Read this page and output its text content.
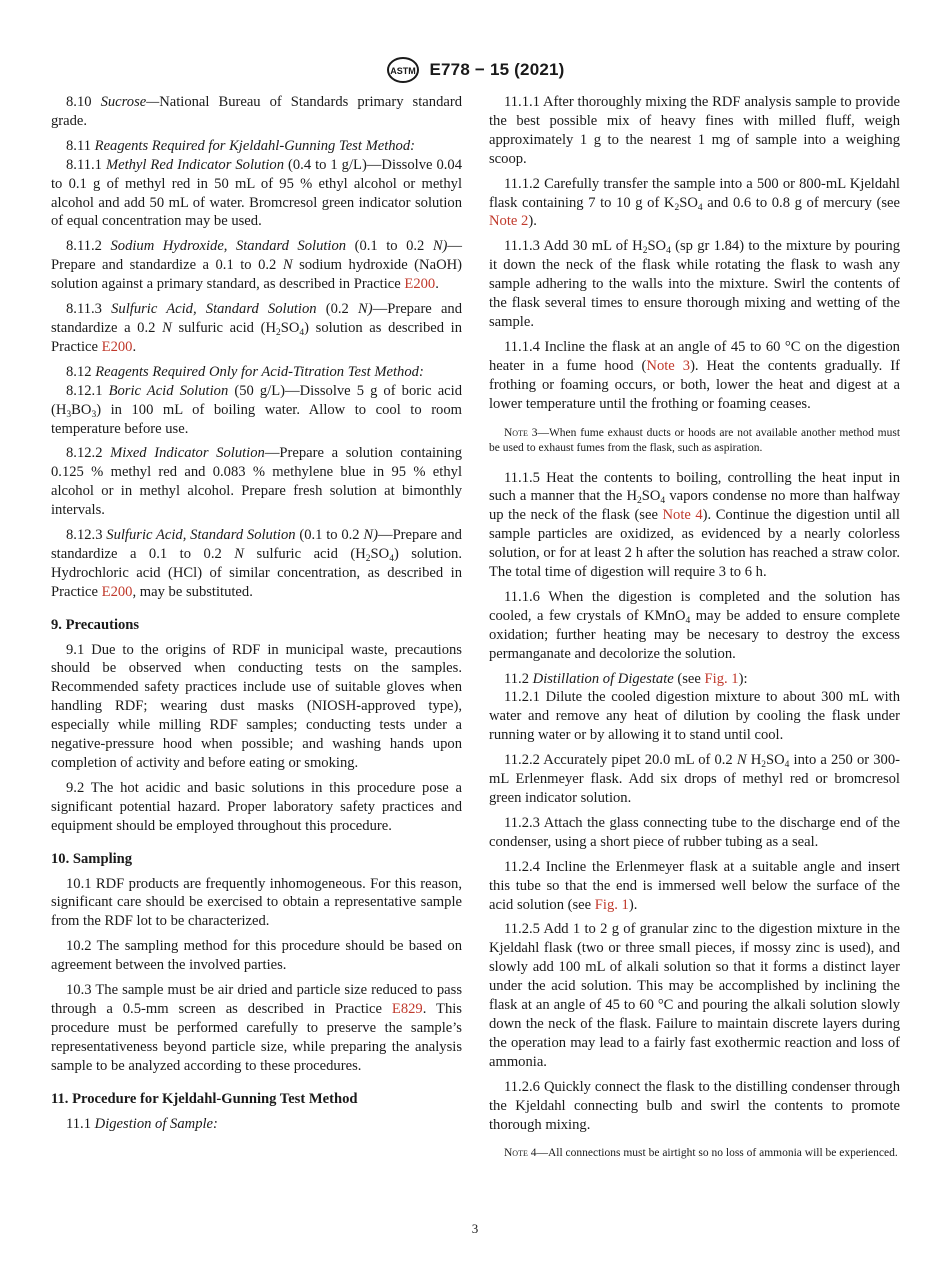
ASTM E778 − 15 (2021)

8.10 Sucrose—National Bureau of Standards primary standard grade.

8.11 Reagents Required for Kjeldahl-Gunning Test Method:

8.11.1 Methyl Red Indicator Solution (0.4 to 1 g/L)—Dissolve 0.04 to 0.1 g of methyl red in 50 mL of 95 % ethyl alcohol or methyl alcohol and add 50 mL of water. Bromcresol green indicator solution of equal concentration may be used.

8.11.2 Sodium Hydroxide, Standard Solution (0.1 to 0.2 N)—Prepare and standardize a 0.1 to 0.2 N sodium hydroxide (NaOH) solution against a primary standard, as described in Practice E200.

8.11.3 Sulfuric Acid, Standard Solution (0.2 N)—Prepare and standardize a 0.2 N sulfuric acid $(H_2SO_4)$ solution as described in Practice E200.

8.12 Reagents Required Only for Acid-Titration Test Method:

8.12.1 Boric Acid Solution (50 g/L)—Dissolve 5 g of boric acid $(H_3BO_3)$ in 100 mL of boiling water. Allow to cool to room temperature before use.

8.12.2 Mixed Indicator Solution—Prepare a solution containing 0.125 % methyl red and 0.083 % methylene blue in 95 % ethyl alcohol or in methyl alcohol. Prepare fresh solution at bimonthly intervals.

8.12.3 Sulfuric Acid, Standard Solution (0.1 to 0.2 N)—Prepare and standardize a 0.1 to 0.2 N sulfuric acid $(H_2SO_4)$ solution. Hydrochloric acid (HCl) of similar concentration, as described in Practice E200, may be substituted.

9. Precautions

9.1 Due to the origins of RDF in municipal waste, precautions should be observed when conducting tests on the samples. Recommended safety practices include use of suitable gloves when handling RDF; wearing dust masks (NIOSH-approved type), especially while milling RDF samples; conducting tests under a negative-pressure hood when possible; and washing hands upon completion of activity and before eating or smoking.

9.2 The hot acidic and basic solutions in this procedure pose a significant potential hazard. Proper laboratory safety practices and equipment should be employed throughout this procedure.

10. Sampling

10.1 RDF products are frequently inhomogeneous. For this reason, significant care should be exercised to obtain a representative sample from the RDF lot to be characterized.

10.2 The sampling method for this procedure should be based on agreement between the involved parties.

10.3 The sample must be air dried and particle size reduced to pass through a 0.5-mm screen as described in Practice E829. This procedure must be performed carefully to preserve the sample’s representativeness beyond particle size, while preparing the analysis sample to be analyzed according to these procedures.

11. Procedure for Kjeldahl-Gunning Test Method

11.1 Digestion of Sample:

11.1.1 After thoroughly mixing the RDF analysis sample to provide the best possible mix of heavy fines with milled fluff, weigh approximately 1 g to the nearest 1 mg of sample into a weighing scoop.

11.1.2 Carefully transfer the sample into a 500 or 800-mL Kjeldahl flask containing 7 to 10 g of $K_2SO_4$ and 0.6 to 0.8 g of mercury (see Note 2).

11.1.3 Add 30 mL of $H_2SO_4$ (sp gr 1.84) to the mixture by pouring it down the neck of the flask while rotating the flask to wash any sample adhering to the walls into the mixture. Swirl the contents of the flask several times to ensure thorough mixing and wetting of the sample.

11.1.4 Incline the flask at an angle of 45 to 60 °C on the digestion heater in a fume hood (Note 3). Heat the contents gradually. If frothing or foaming occurs, or both, lower the heat and digest at a lower temperature until the frothing or foaming ceases.

Note 3—When fume exhaust ducts or hoods are not available another method must be used to exhaust fumes from the flask, such as aspiration.

11.1.5 Heat the contents to boiling, controlling the heat input in such a manner that the $H_2SO_4$ vapors condense no more than halfway up the neck of the flask (see Note 4). Continue the digestion until all sample particles are oxidized, as evidenced by a nearly colorless solution, or for at least 2 h after the solution has reached a straw color. The total time of digestion will require 3 to 6 h.

11.1.6 When the digestion is completed and the solution has cooled, a few crystals of KMnO$_4$ may be added to ensure complete oxidation; further heating may be necesary to destroy the excess permanganate and decolorize the solution.

11.2 Distillation of Digestate (see Fig. 1):

11.2.1 Dilute the cooled digestion mixture to about 300 mL with water and remove any heat of dilution by cooling the flask under running water or by allowing it to stand until cool.

11.2.2 Accurately pipet 20.0 mL of 0.2 N $H_2SO_4$ into a 250 or 300-mL Erlenmeyer flask. Add six drops of methyl red or bromcresol green indicator solution.

11.2.3 Attach the glass connecting tube to the discharge end of the condenser, using a short piece of rubber tubing as a seal.

11.2.4 Incline the Erlenmeyer flask at a suitable angle and insert this tube so that the end is immersed well below the surface of the acid solution (see Fig. 1).

11.2.5 Add 1 to 2 g of granular zinc to the digestion mixture in the Kjeldahl flask (two or three small pieces, if mossy zinc is used), and slowly add 100 mL of alkali solution so that it forms a distinct layer under the acid solution. This may be accomplished by inclining the flask at an angle of 45 to 60 °C and pouring the alkali solution slowly down the neck of the flask. Failure to maintain discrete layers during the operation may lead to a fairly fast exothermic reaction and loss of ammonia.

11.2.6 Quickly connect the flask to the distilling condenser through the Kjeldahl connecting bulb and swirl the contents to promote thorough mixing.

Note 4—All connections must be airtight so no loss of ammonia will be experienced.

3
